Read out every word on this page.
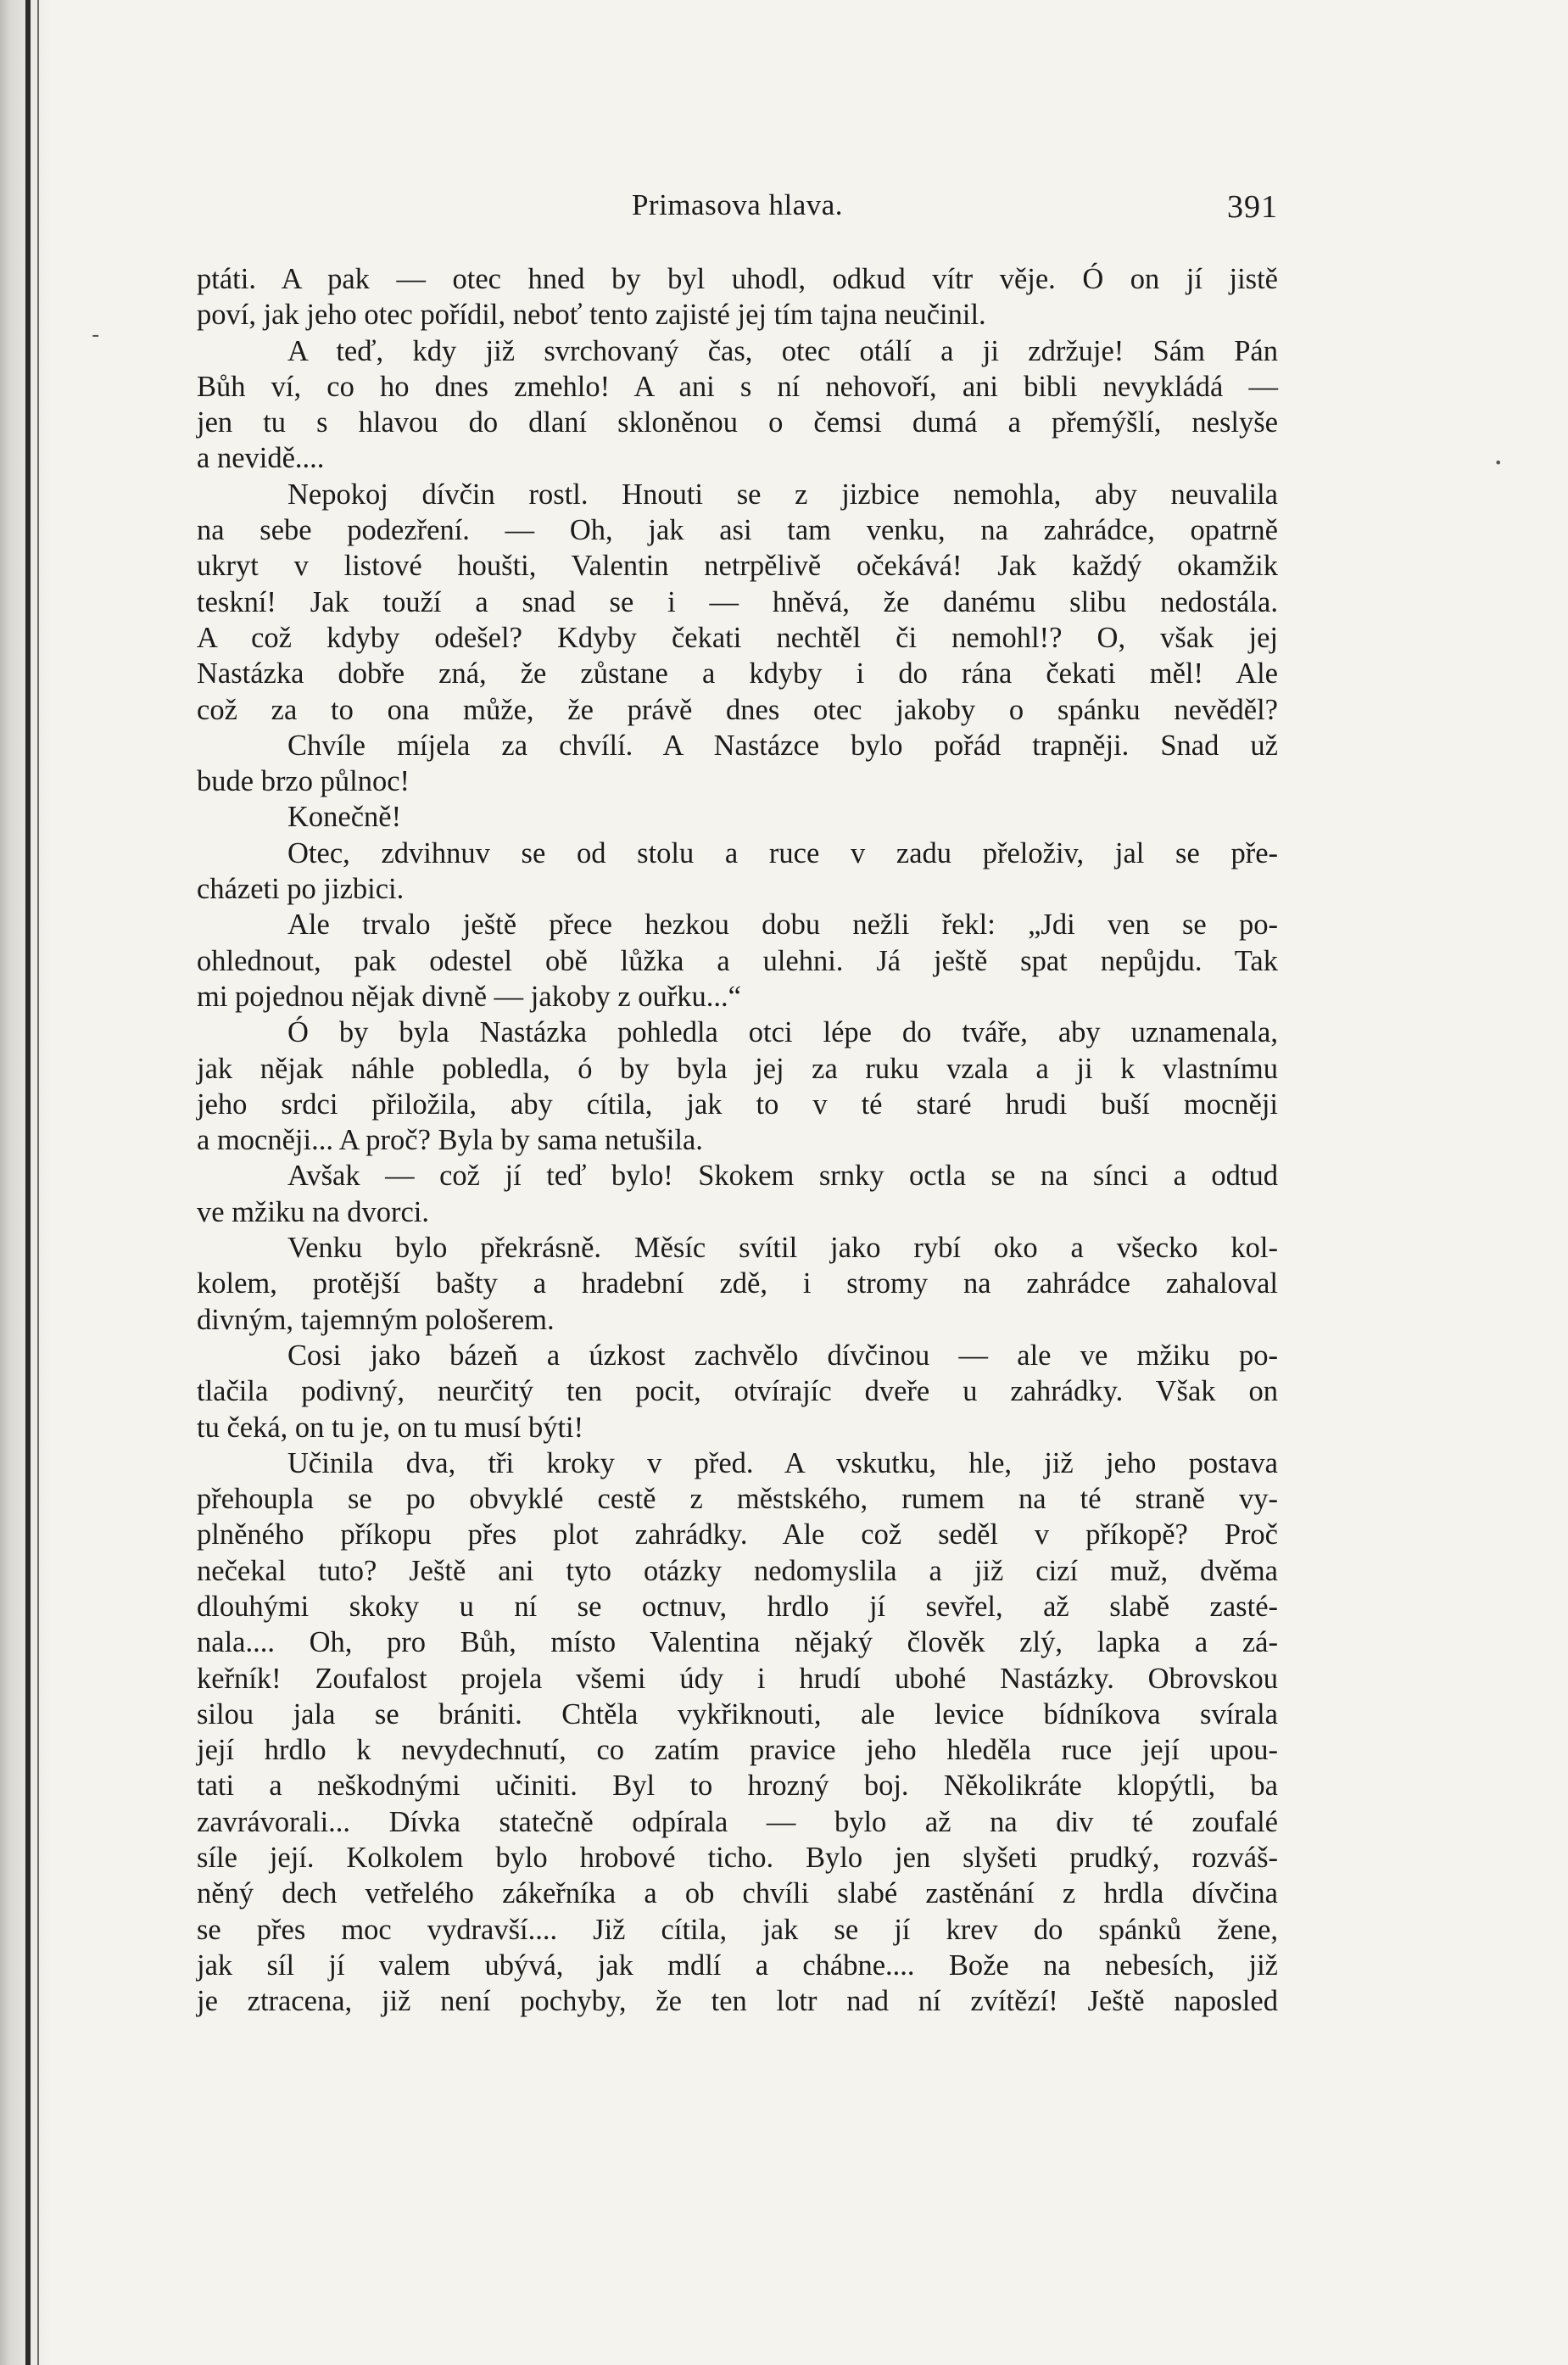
Primasova hlava.	391
ptáti. A pak — otec hned by byl uhodl, odkud vítr věje. Ó on jí jistě
poví, jak jeho otec pořídil, neboť tento zajisté jej tím tajna neučinil.
A teď, kdy již svrchovaný čas, otec otálí a ji zdržuje! Sám Pán
Bůh ví, co ho dnes zmehlo! A ani s ní nehovoří, ani bibli nevykládá —
jen tu s hlavou do dlaní skloněnou o čemsi dumá a přemýšlí, neslyše
a nevidě....
Nepokoj dívčin rostl. Hnouti se z jizbice nemohla, aby neuvalila
na sebe podezření. — Oh, jak asi tam venku, na zahrádce, opatrně
ukryt v listové houšti, Valentin netrpělivě očekává! Jak každý okamžik
teskní! Jak touží a snad se i — hněvá, že danému slibu nedostála.
A což kdyby odešel? Kdyby čekati nechtěl či nemohl!? O, však jej
Nastázka dobře zná, že zůstane a kdyby i do rána čekati měl! Ale
což za to ona může, že právě dnes otec jakoby o spánku nevěděl?
Chvíle míjela za chvílí. A Nastázce bylo pořád trapněji. Snad už
bude brzo půlnoc!
Konečně!
Otec, zdvihnuv se od stolu a ruce v zadu přeloživ, jal se pře-
cházeti po jizbici.
Ale trvalo ještě přece hezkou dobu nežli řekl: „Jdi ven se po-
ohlednout, pak odestel obě lůžka a ulehni. Já ještě spat nepůjdu. Tak
mi pojednou nějak divně — jakoby z ouřku...“
Ó by byla Nastázka pohledla otci lépe do tváře, aby uznamenala,
jak nějak náhle pobledla, ó by byla jej za ruku vzala a ji k vlastnímu
jeho srdci přiložila, aby cítila, jak to v té staré hrudi buší mocněji
a mocněji... A proč? Byla by sama netušila.
Avšak — což jí teď bylo! Skokem srnky octla se na síncі a odtud
ve mžiku na dvorci.
Venku bylo překrásně. Měsíc svítil jako rybí oko a všecko kol-
kolem, protější bašty a hradební zdě, i stromy na zahrádce zahaloval
divným, tajemným pološerem.
Cosi jako bázeň a úzkost zachvělo dívčinou — ale ve mžiku po-
tlačila podivný, neurčitý ten pocit, otvírajíc dveře u zahrádky. Však on
tu čeká, on tu je, on tu musí býti!
Učinila dva, tři kroky v před. A vskutku, hle, již jeho postava
přehoupla se po obvyklé cestě z městského, rumem na té straně vy-
plněného příkopu přes plot zahrádky. Ale což seděl v příkopě? Proč
nečekal tuto? Ještě ani tyto otázky nedomyslila a již cizí muž, dvěma
dlouhými skoky u ní se octnuv, hrdlo jí sevřel, až slabě zasté-
nala.... Oh, pro Bůh, místo Valentina nějaký člověk zlý, lapka a zá-
keřník! Zoufalost projela všemi údy i hrudí ubohé Nastázky. Obrovskou
silou jala se brániti. Chtěla vykřiknouti, ale levice bídníkova svírala
její hrdlo k nevydechnutí, co zatím pravice jeho hleděla ruce její upou-
tati a neškodnými učiniti. Byl to hrozný boj. Několikráte klopýtli, ba
zavrávorali... Dívka statečně odpírala — bylo až na div té zoufalé
síle její. Kolkolem bylo hrobové ticho. Bylo jen slyšeti prudký, rozváš-
něný dech vetřelého zákeřníka a ob chvíli slabé zastěnání z hrdla dívčina
se přes moc vydravší.... Již cítila, jak se jí krev do spánků žene,
jak síl jí valem ubývá, jak mdlí a chábne.... Bože na nebesích, již
je ztracena, již není pochyby, že ten lotr nad ní zvítězí! Ještě naposled
-
•
